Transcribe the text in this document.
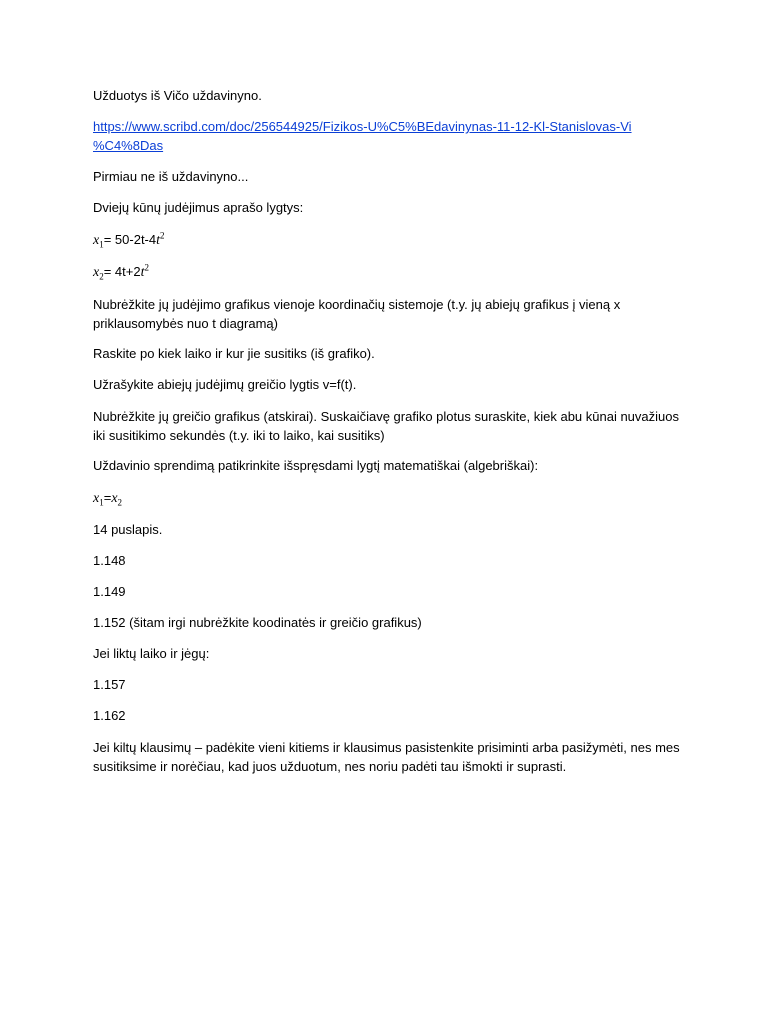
Užduotys iš Vičo uždavinyno.
https://www.scribd.com/doc/256544925/Fizikos-U%C5%BEdavinynas-11-12-Kl-Stanislovas-Vi
%C4%8Das
Pirmiau ne iš uždavinyno...
Dviejų kūnų judėjimus aprašo lygtys:
$x_1= 50-2t-4t^2$
$x_2= 4t+2t^2$
Nubrėžkite jų judėjimo grafikus vienoje koordinačių sistemoje (t.y. jų abiejų grafikus į vieną x priklausomybės nuo t diagramą)
Raskite po kiek laiko ir kur jie susitiks (iš grafiko).
Užrašykite abiejų judėjimų greičio lygtis v=f(t).
Nubrėžkite jų greičio grafikus (atskirai). Suskaičiavę grafiko plotus suraskite, kiek abu kūnai nuvažiuos iki susitikimo sekundės (t.y. iki to laiko, kai susitiks)
Uždavinio sprendimą patikrinkite išspręsdami lygtį matematiškai (algebriškai):
$x_1=x_2$
14 puslapis.
1.148
1.149
1.152 (šitam irgi nubrėžkite koodinatės ir greičio grafikus)
Jei liktų laiko ir jėgų:
1.157
1.162
Jei kiltų klausimų – padėkite vieni kitiems ir klausimus pasistenkite prisiminti arba pasižymėti, nes mes susitiksime ir norėčiau, kad juos užduotum, nes noriu padėti tau išmokti ir suprasti.
